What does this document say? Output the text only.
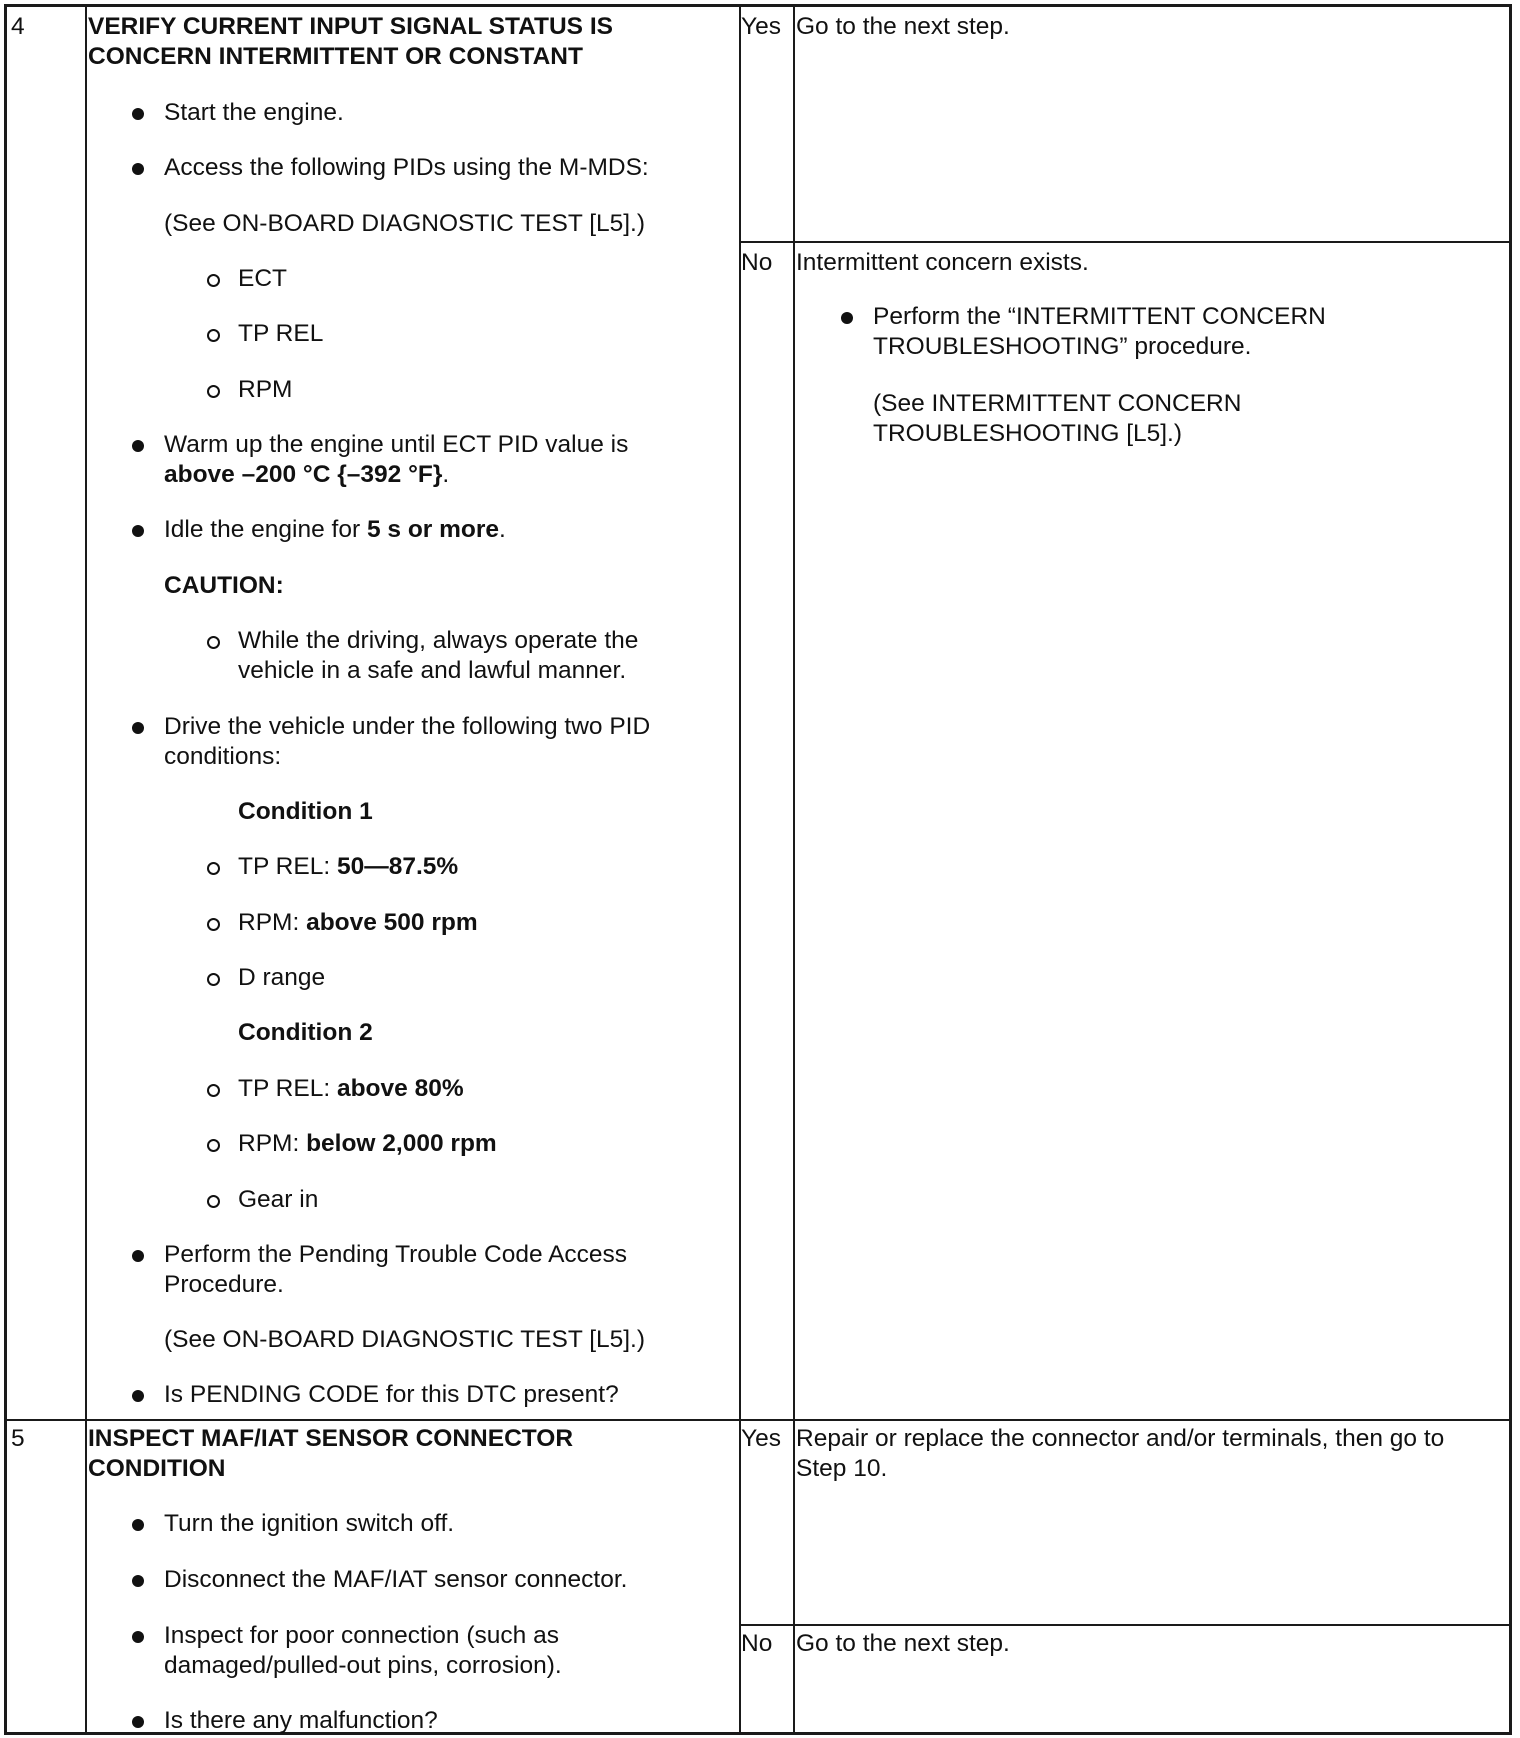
4	VERIFY CURRENT INPUT SIGNAL STATUS IS
CONCERN INTERMITTENT OR CONSTANT
Start the engine.
Access the following PIDs using the M-MDS:
(See ON-BOARD DIAGNOSTIC TEST [L5].)
ECT
TP REL
RPM
Warm up the engine until ECT PID value is
above –200 °C {–392 °F}.
Idle the engine for 5 s or more.
CAUTION:
While the driving, always operate the
vehicle in a safe and lawful manner.
Drive the vehicle under the following two PID
conditions:
Condition 1
TP REL: 50—87.5%
RPM: above 500 rpm
D range
Condition 2
TP REL: above 80%
RPM: below 2,000 rpm
Gear in
Perform the Pending Trouble Code Access
Procedure.
(See ON-BOARD DIAGNOSTIC TEST [L5].)
Is PENDING CODE for this DTC present?
Yes Go to the next step.
No Intermittent concern exists.
Perform the “INTERMITTENT CONCERN
TROUBLESHOOTING” procedure.
(See INTERMITTENT CONCERN
TROUBLESHOOTING [L5].)
5	INSPECT MAF/IAT SENSOR CONNECTOR
CONDITION
Turn the ignition switch off.
Disconnect the MAF/IAT sensor connector.
Inspect for poor connection (such as
damaged/pulled-out pins, corrosion).
Is there any malfunction?
Yes Repair or replace the connector and/or terminals, then go to
Step 10.
No Go to the next step.
